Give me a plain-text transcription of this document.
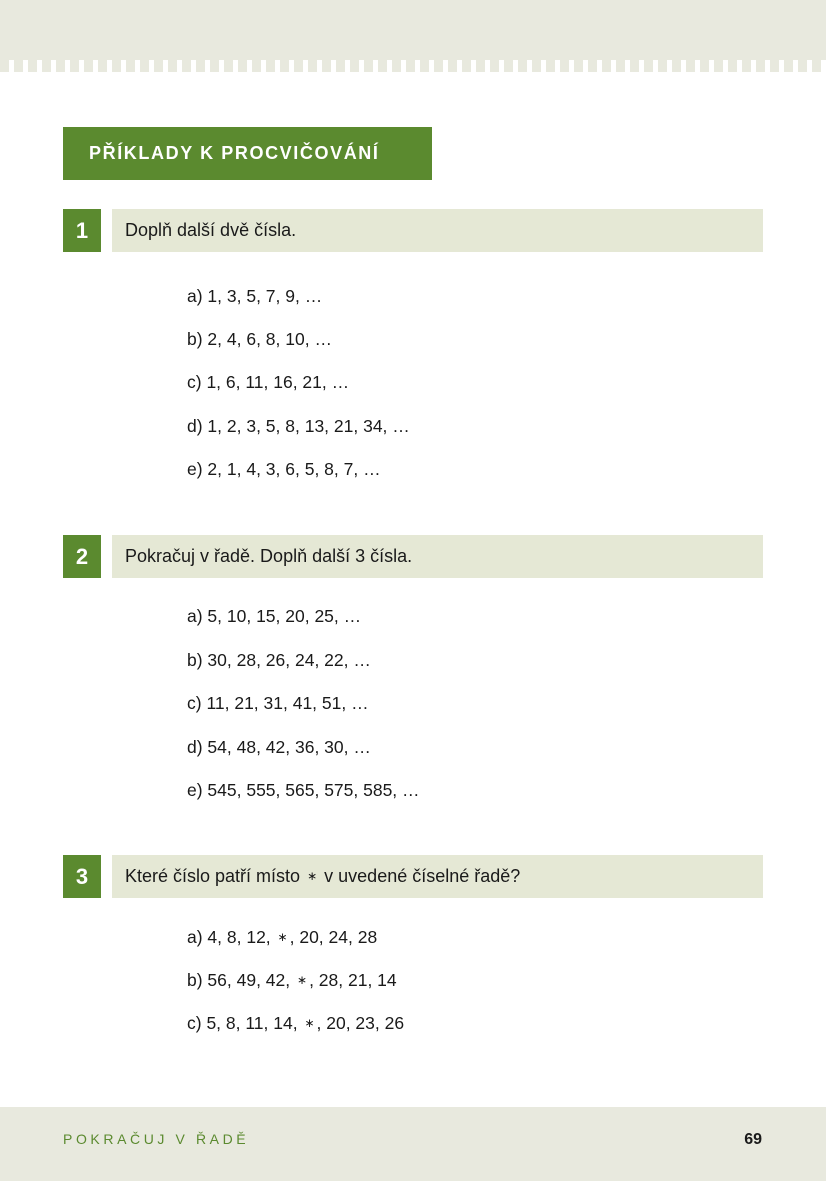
PŘÍKLADY K PROCVIČOVÁNÍ
1	Doplň další dvě čísla.
a) 1, 3, 5, 7, 9, …
b) 2, 4, 6, 8, 10, …
c) 1, 6, 11, 16, 21, …
d) 1, 2, 3, 5, 8, 13, 21, 34, …
e) 2, 1, 4, 3, 6, 5, 8, 7, …
2	Pokračuj v řadě. Doplň další 3 čísla.
a) 5, 10, 15, 20, 25, …
b) 30, 28, 26, 24, 22, …
c) 11, 21, 31, 41, 51, …
d) 54, 48, 42, 36, 30, …
e) 545, 555, 565, 575, 585, …
3	Které číslo patří místo ∗ v uvedené číselné řadě?
a) 4, 8, 12, ∗ , 20, 24, 28
b) 56, 49, 42, ∗ , 28, 21, 14
c) 5, 8, 11, 14, ∗ , 20, 23, 26
POKRAČUJ V ŘADĚ	69
